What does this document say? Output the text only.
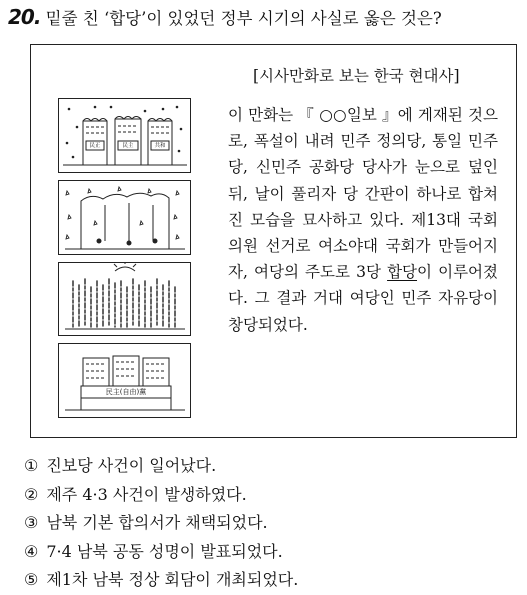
20. 밑줄 친 ‘합당’이 있었던 정부 시기의 사실로 옳은 것은?
[시사만화로 보는 한국 현대사]
이 만화는 『 ○○일보 』에 게재된 것으로, 폭설이 내려 민주 정의당, 통일 민주당, 신민주 공화당 당사가 눈으로 덮인 뒤, 날이 풀리자 당 간판이 하나로 합쳐진 모습을 묘사하고 있다. 제13대 국회의원 선거로 여소야대 국회가 만들어지자, 여당의 주도로 3당 합당이 이루어졌다. 그 결과 거대 여당인 민주 자유당이 창당되었다.
民正	民主	共和
民主(自由)黨
① 진보당 사건이 일어났다.
② 제주 4·3 사건이 발생하였다.
③ 남북 기본 합의서가 채택되었다.
④ 7·4 남북 공동 성명이 발표되었다.
⑤ 제1차 남북 정상 회담이 개최되었다.
